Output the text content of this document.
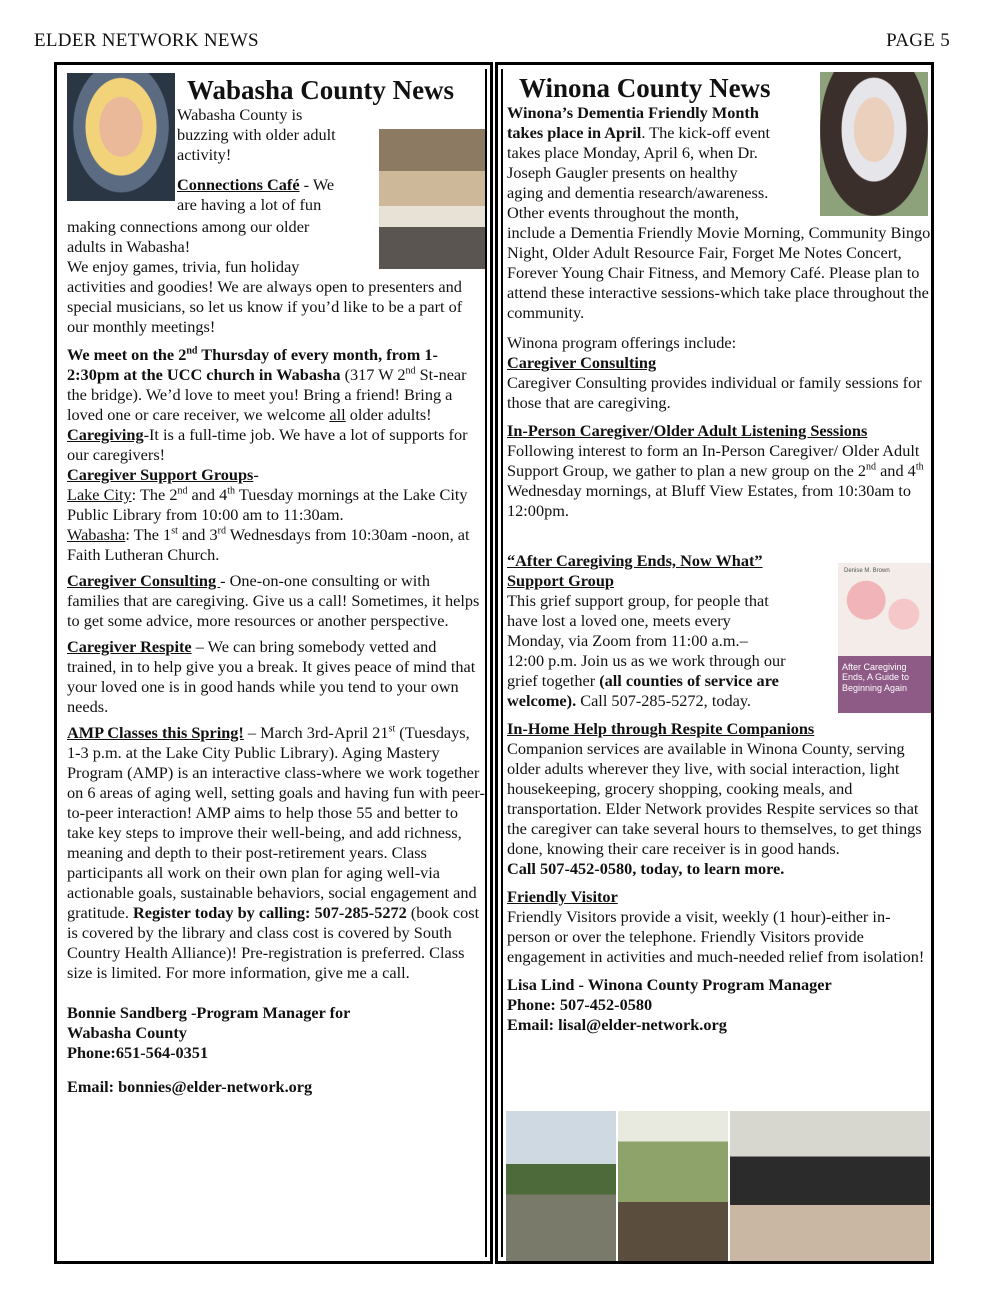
ELDER NETWORK NEWS	PAGE 5
Wabasha County News
Wabasha County is
buzzing with older adult
activity!
Connections Café - We
are having a lot of fun
making connections among our older
adults in Wabasha!
We enjoy games, trivia, fun holiday

activities and goodies! We are always open to presenters and special musicians, so let us know if you’d like to be a part of our monthly meetings!

We meet on the 2nd Thursday of every month, from 1-2:30pm at the UCC church in Wabasha (317 W 2nd St-near the bridge). We’d love to meet you! Bring a friend! Bring a loved one or care receiver, we welcome all older adults!
Caregiving-It is a full-time job. We have a lot of supports for our caregivers!
Caregiver Support Groups-
Lake City: The 2nd and 4th Tuesday mornings at the Lake City Public Library from 10:00 am to 11:30am.
Wabasha: The 1st and 3rd Wednesdays from 10:30am -noon, at Faith Lutheran Church.

Caregiver Consulting - One-on-one consulting or with families that are caregiving. Give us a call! Sometimes, it helps to get some advice, more resources or another perspective.

Caregiver Respite – We can bring somebody vetted and trained, in to help give you a break. It gives peace of mind that your loved one is in good hands while you tend to your own needs.

AMP Classes this Spring! – March 3rd-April 21st (Tuesdays, 1-3 p.m. at the Lake City Public Library). Aging Mastery Program (AMP) is an interactive class-where we work together on 6 areas of aging well, setting goals and having fun with peer-to-peer interaction! AMP aims to help those 55 and better to take key steps to improve their well-being, and add richness, meaning and depth to their post-retirement years. Class participants all work on their own plan for aging well-via actionable goals, sustainable behaviors, social engagement and gratitude. Register today by calling: 507-285-5272 (book cost is covered by the library and class cost is covered by South Country Health Alliance)! Pre-registration is preferred. Class size is limited. For more information, give me a call.

Bonnie Sandberg -Program Manager for
Wabasha County
Phone:651-564-0351
Email: bonnies@elder-network.org
Winona County News
Winona’s Dementia Friendly Month
takes place in April. The kick-off event
takes place Monday, April 6, when Dr.
Joseph Gaugler presents on healthy
aging and dementia research/awareness.
Other events throughout the month,

include a Dementia Friendly Movie Morning, Community Bingo Night, Older Adult Resource Fair, Forget Me Notes Concert, Forever Young Chair Fitness, and Memory Café. Please plan to attend these interactive sessions-which take place throughout the community.

Winona program offerings include:

Caregiver Consulting
Caregiver Consulting provides individual or family sessions for those that are caregiving.

In-Person Caregiver/Older Adult Listening Sessions
Following interest to form an In-Person Caregiver/ Older Adult Support Group, we gather to plan a new group on the 2nd and 4th Wednesday mornings, at Bluff View Estates, from 10:30am to 12:00pm.

Denise M. Brown
After Caregiving Ends, A Guide to Beginning Again
“After Caregiving Ends, Now What”
Support Group
This grief support group, for people that
have lost a loved one, meets every
Monday, via Zoom from 11:00 a.m.–
12:00 p.m. Join us as we work through our
grief together (all counties of service are
welcome). Call 507-285-5272, today.

In-Home Help through Respite Companions
Companion services are available in Winona County, serving older adults wherever they live, with social interaction, light housekeeping, grocery shopping, cooking meals, and transportation. Elder Network provides Respite services so that the caregiver can take several hours to themselves, to get things done, knowing their care receiver is in good hands.
Call 507-452-0580, today, to learn more.

Friendly Visitor
Friendly Visitors provide a visit, weekly (1 hour)-either in-person or over the telephone. Friendly Visitors provide engagement in activities and much-needed relief from isolation!

Lisa Lind - Winona County Program Manager
Phone: 507-452-0580
Email: lisal@elder-network.org
